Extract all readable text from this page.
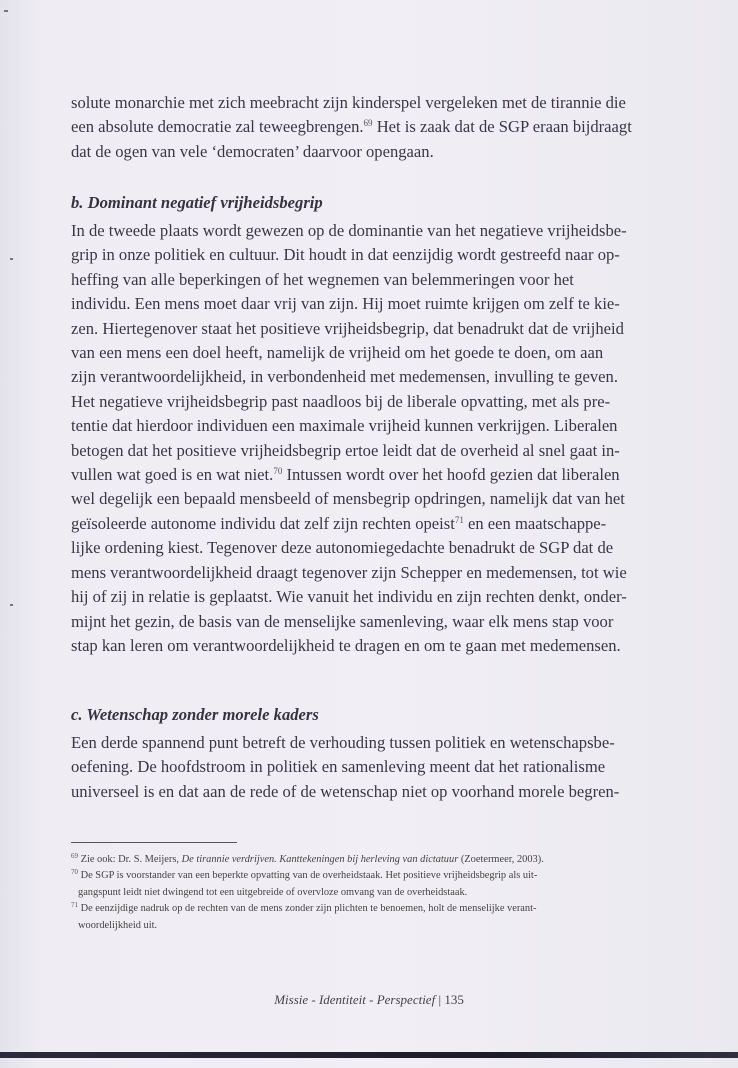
solute monarchie met zich meebracht zijn kinderspel vergeleken met de tirannie die
een absolute democratie zal teweegbrengen.$^{69}$ Het is zaak dat de SGP eraan bijdraagt
dat de ogen van vele ‘democraten’ daarvoor opengaan.

b. Dominant negatief vrijheidsbegrip

In de tweede plaats wordt gewezen op de dominantie van het negatieve vrijheidsbe-
grip in onze politiek en cultuur. Dit houdt in dat eenzijdig wordt gestreefd naar op-
heffing van alle beperkingen of het wegnemen van belemmeringen voor het
individu. Een mens moet daar vrij van zijn. Hij moet ruimte krijgen om zelf te kie-
zen. Hiertegenover staat het positieve vrijheidsbegrip, dat benadrukt dat de vrijheid
van een mens een doel heeft, namelijk de vrijheid om het goede te doen, om aan
zijn verantwoordelijkheid, in verbondenheid met medemensen, invulling te geven.
Het negatieve vrijheidsbegrip past naadloos bij de liberale opvatting, met als pre-
tentie dat hierdoor individuen een maximale vrijheid kunnen verkrijgen. Liberalen
betogen dat het positieve vrijheidsbegrip ertoe leidt dat de overheid al snel gaat in-
vullen wat goed is en wat niet.$^{70}$ Intussen wordt over het hoofd gezien dat liberalen
wel degelijk een bepaald mensbeeld of mensbegrip opdringen, namelijk dat van het
geïsoleerde autonome individu dat zelf zijn rechten opeist$^{71}$ en een maatschappe-
lijke ordening kiest. Tegenover deze autonomiegedachte benadrukt de SGP dat de
mens verantwoordelijkheid draagt tegenover zijn Schepper en medemensen, tot wie
hij of zij in relatie is geplaatst. Wie vanuit het individu en zijn rechten denkt, onder-
mijnt het gezin, de basis van de menselijke samenleving, waar elk mens stap voor
stap kan leren om verantwoordelijkheid te dragen en om te gaan met medemensen.

c. Wetenschap zonder morele kaders

Een derde spannend punt betreft de verhouding tussen politiek en wetenschapsbe-
oefening. De hoofdstroom in politiek en samenleving meent dat het rationalisme
universeel is en dat aan de rede of de wetenschap niet op voorhand morele begren-

$^{69}$ Zie ook: Dr. S. Meijers, De tirannie verdrijven. Kanttekeningen bij herleving van dictatuur (Zoetermeer, 2003).
$^{70}$ De SGP is voorstander van een beperkte opvatting van de overheidstaak. Het positieve vrijheidsbegrip als uit-
gangspunt leidt niet dwingend tot een uitgebreide of overvloze omvang van de overheidstaak.
$^{71}$ De eenzijdige nadruk op de rechten van de mens zonder zijn plichten te benoemen, holt de menselijke verant-
woordelijkheid uit.
Missie - Identiteit - Perspectief | 135
